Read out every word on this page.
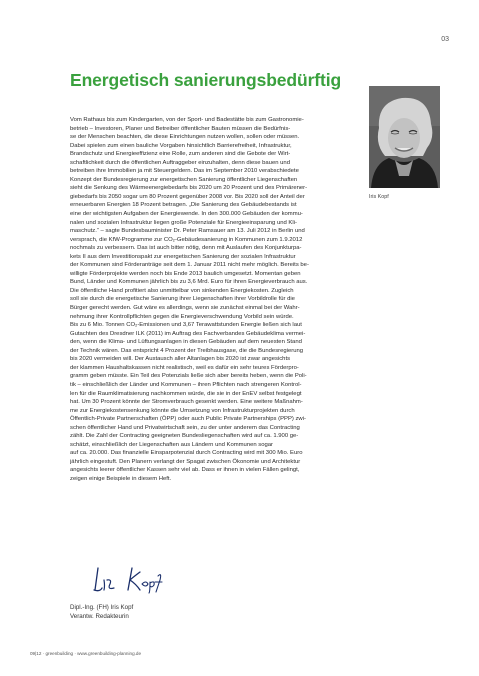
03
Energetisch sanierungsbedürftig
Iris Kopf
Vom Rathaus bis zum Kindergarten, von der Sport- und Badestätte bis zum Gastronomie-
betrieb – Investoren, Planer und Betreiber öffentlicher Bauten müssen die Bedürfnis-
se der Menschen beachten, die diese Einrichtungen nutzen wollen, sollen oder müssen.
Dabei spielen zum einen bauliche Vorgaben hinsichtlich Barrierefreiheit, Infrastruktur,
Brandschutz und Energieeffizienz eine Rolle, zum anderen sind die Gebote der Wirt-
schaftlichkeit durch die öffentlichen Auftraggeber einzuhalten, denn diese bauen und
betreiben ihre Immobilien ja mit Steuergeldern. Das im September 2010 verabschiedete
Konzept der Bundesregierung zur energetischen Sanierung öffentlicher Liegenschaften
sieht die Senkung des Wärmeenergiebedarfs bis 2020 um 20 Prozent und des Primärener-
giebedarfs bis 2050 sogar um 80 Prozent gegenüber 2008 vor. Bis 2020 soll der Anteil der
erneuerbaren Energien 18 Prozent betragen. „Die Sanierung des Gebäudebestands ist
eine der wichtigsten Aufgaben der Energiewende. In den 300.000 Gebäuden der kommu-
nalen und sozialen Infrastruktur liegen große Potenziale für Energieeinsparung und Kli-
maschutz.“ – sagte Bundesbauminister Dr. Peter Ramsauer am 13. Juli 2012 in Berlin und
versprach, die KfW-Programme zur CO₂-Gebäudesanierung in Kommunen zum 1.9.2012
nochmals zu verbessern. Das ist auch bitter nötig, denn mit Auslaufen des Konjunkturpa-
kets II aus dem Investitionspakt zur energetischen Sanierung der sozialen Infrastruktur
der Kommunen sind Förderanträge seit dem 1. Januar 2011 nicht mehr möglich. Bereits be-
willigte Förderprojekte werden noch bis Ende 2013 baulich umgesetzt. Momentan geben
Bund, Länder und Kommunen jährlich bis zu 3,6 Mrd. Euro für ihren Energieverbrauch aus.
Die öffentliche Hand profitiert also unmittelbar von sinkenden Energiekosten. Zugleich
soll sie durch die energetische Sanierung ihrer Liegenschaften ihrer Vorbildrolle für die
Bürger gerecht werden. Gut wäre es allerdings, wenn sie zunächst einmal bei der Wahr-
nehmung ihrer Kontrollpflichten gegen die Energieverschwendung Vorbild sein würde.
Bis zu 6 Mio. Tonnen CO₂-Emissionen und 3,67 Terawattstunden Energie ließen sich laut
Gutachten des Dresdner ILK (2011) im Auftrag des Fachverbandes Gebäudeklima vermei-
den, wenn die Klima- und Lüftungsanlagen in diesen Gebäuden auf dem neuesten Stand
der Technik wären. Das entspricht 4 Prozent der Treibhausgase, die die Bundesregierung
bis 2020 vermeiden will. Der Austausch aller Altanlagen bis 2020 ist zwar angesichts
der klammen Haushaltskassen nicht realistisch, weil es dafür ein sehr teures Förderpro-
gramm geben müsste. Ein Teil des Potenzials ließe sich aber bereits heben, wenn die Poli-
tik – einschließlich der Länder und Kommunen – ihren Pflichten nach strengeren Kontrol-
len für die Raumklimatisierung nachkommen würde, die sie in der EnEV selbst festgelegt
hat. Um 30 Prozent könnte der Stromverbrauch gesenkt werden. Eine weitere Maßnahm-
me zur Energiekostensenkung könnte die Umsetzung von Infrastrukturprojekten durch
Öffentlich-Private Partnerschaften (ÖPP) oder auch Public Private Partnerships (PPP) zwi-
schen öffentlicher Hand und Privatwirtschaft sein, zu der unter anderem das Contracting
zählt. Die Zahl der Contracting geeigneten Bundesliegenschaften wird auf ca. 1.900 ge-
schätzt, einschließlich der Liegenschaften aus Ländern und Kommunen sogar
auf ca. 20.000. Das finanzielle Einsparpotenzial durch Contracting wird mit 300 Mio. Euro
jährlich eingestuft. Den Planern verlangt der Spagat zwischen Ökonomie und Architektur
angesichts leerer öffentlicher Kassen sehr viel ab. Dass er ihnen in vielen Fällen gelingt,
zeigen einige Beispiele in diesem Heft.
Dipl.-Ing. (FH) Iris Kopf
Verantw. Redakteurin
09|12 · greenbuilding · www.greenbuilding-planning.de
